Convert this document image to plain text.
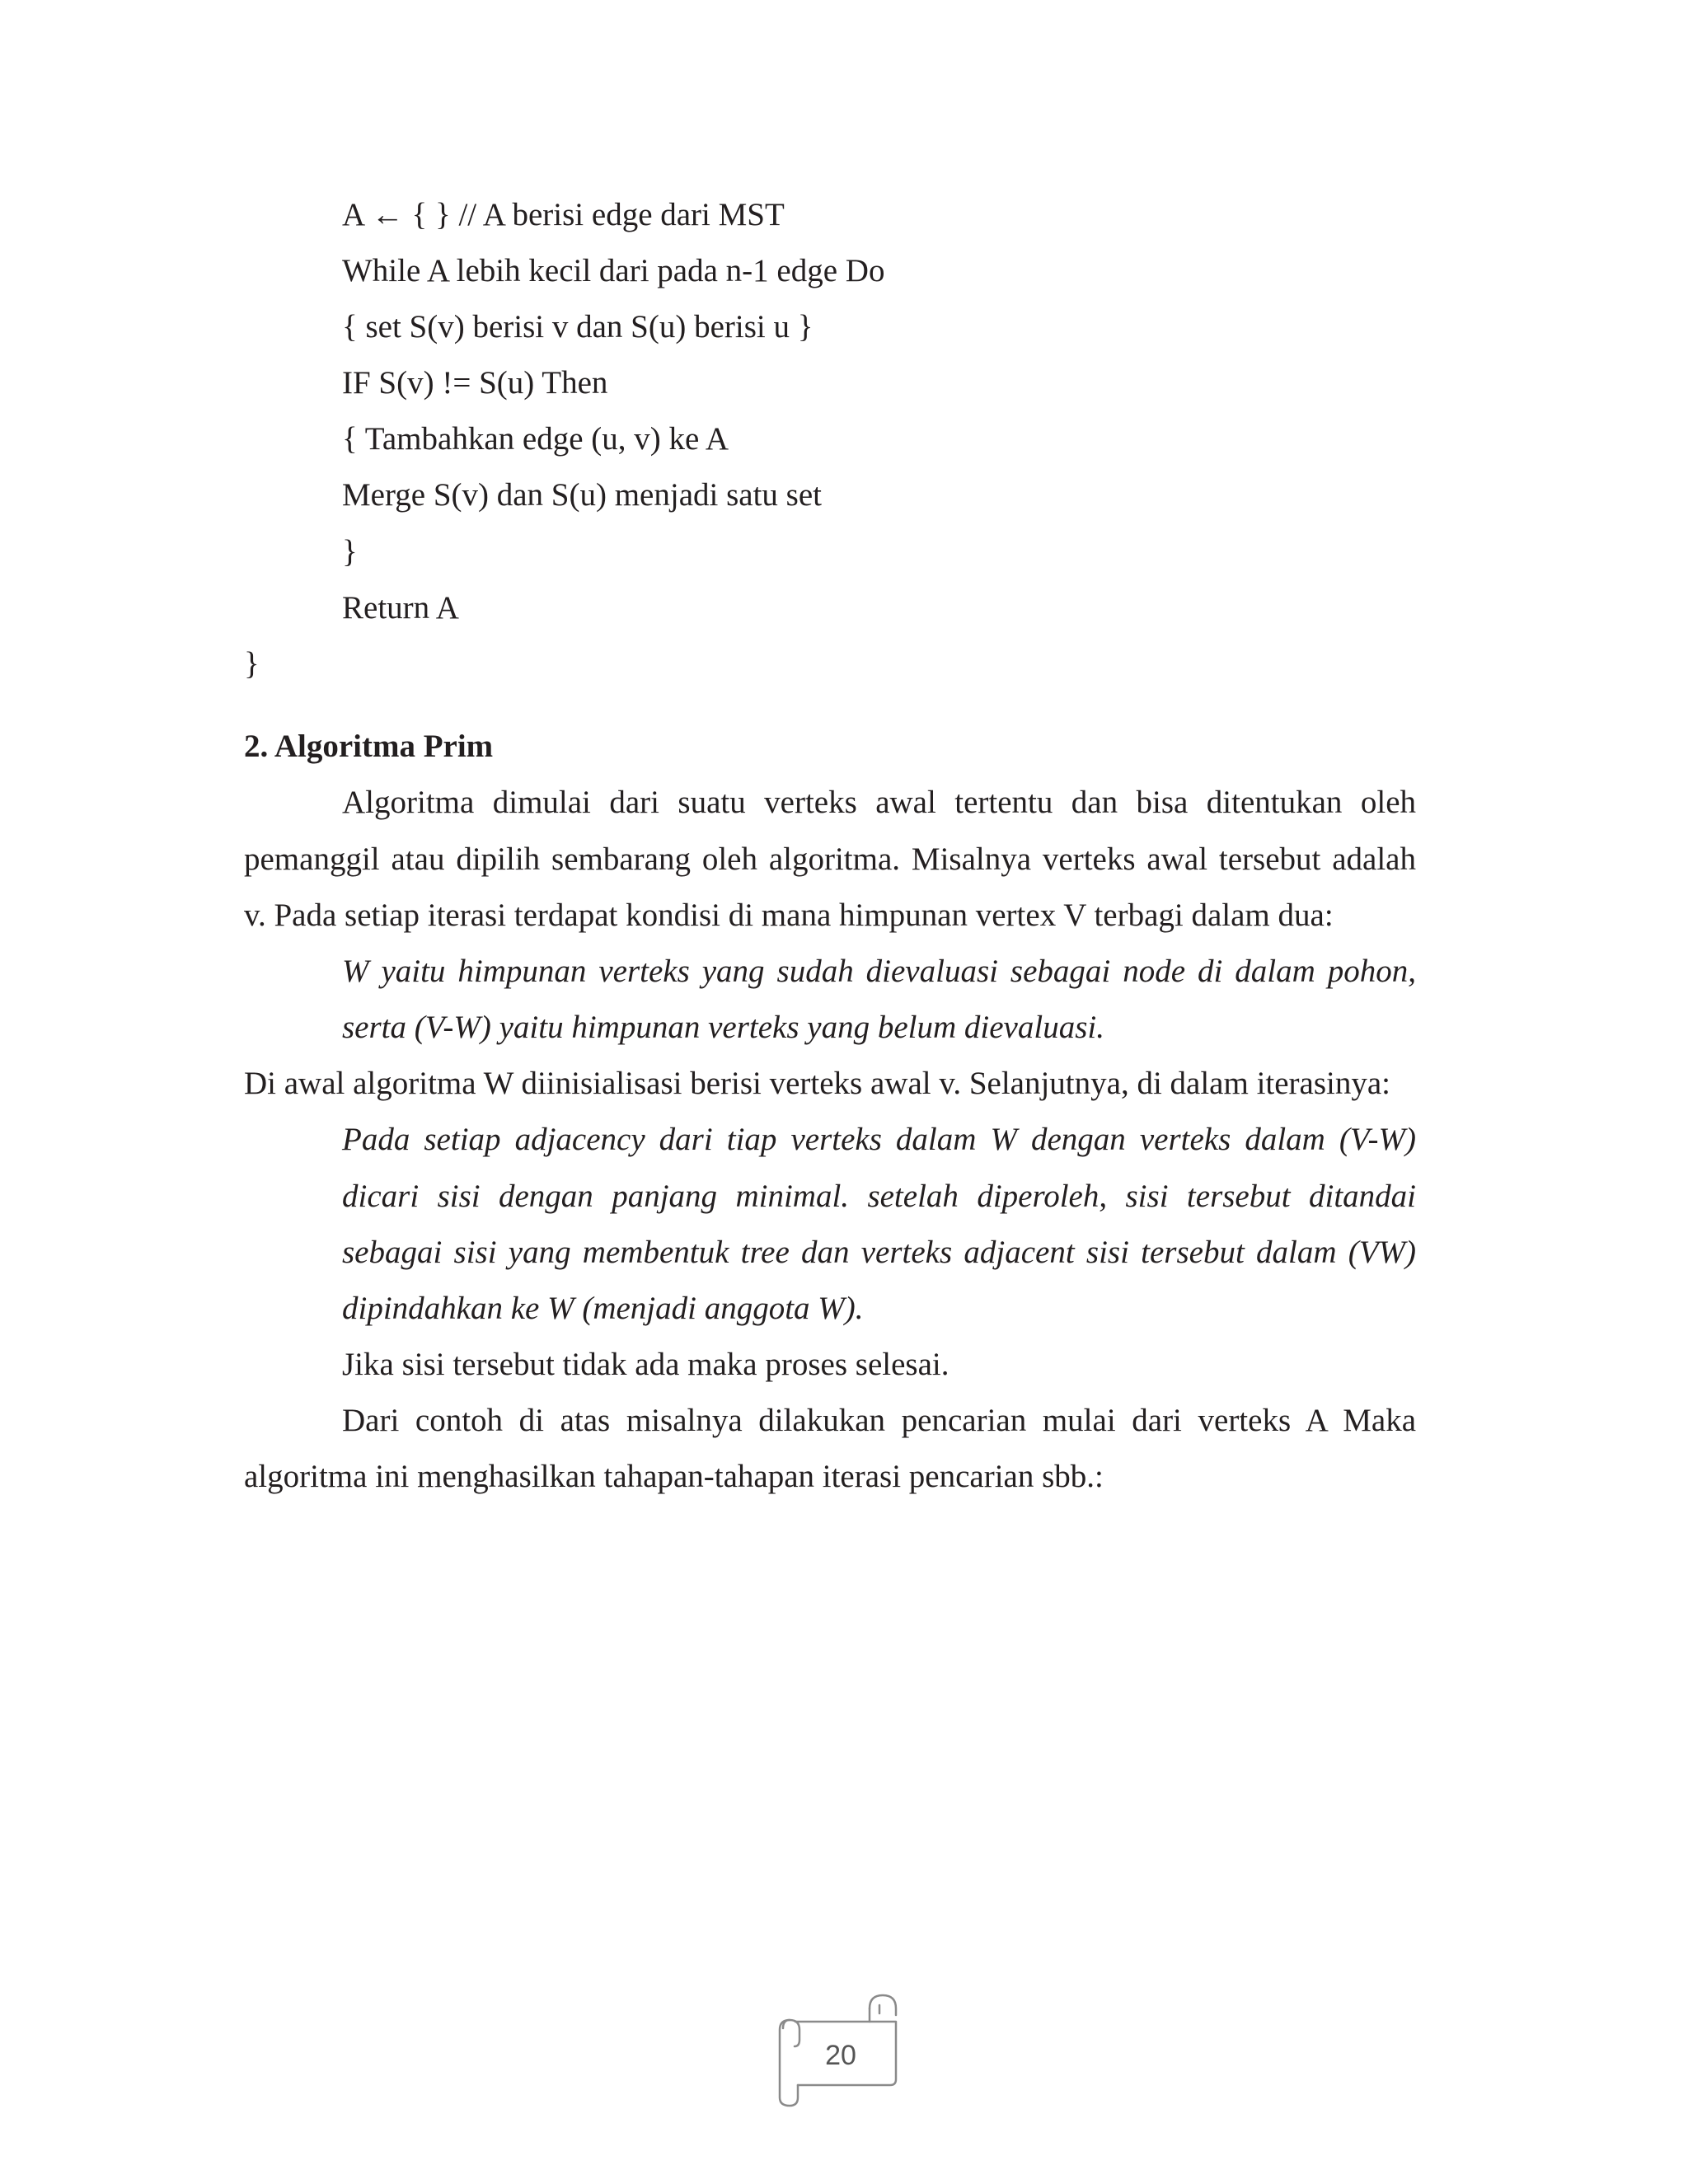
A ← { } // A berisi edge dari MST
While A lebih kecil dari pada n-1 edge Do
{ set S(v) berisi v dan S(u) berisi u }
IF S(v) != S(u) Then
{ Tambahkan edge (u, v) ke A
Merge S(v) dan S(u) menjadi satu set
}
Return A
}
2. Algoritma Prim
Algoritma dimulai dari suatu verteks awal tertentu dan bisa ditentukan oleh
pemanggil atau dipilih sembarang oleh algoritma. Misalnya verteks awal tersebut adalah
v. Pada setiap iterasi terdapat kondisi di mana himpunan vertex V terbagi dalam dua:
W yaitu himpunan verteks yang sudah dievaluasi sebagai node di dalam pohon,
serta (V-W) yaitu himpunan verteks yang belum dievaluasi.
Di awal algoritma W diinisialisasi berisi verteks awal v. Selanjutnya, di dalam iterasinya:
Pada setiap adjacency dari tiap verteks dalam W dengan verteks dalam (V-W)
dicari sisi dengan panjang minimal. setelah diperoleh, sisi tersebut ditandai
sebagai sisi yang membentuk tree dan verteks adjacent sisi tersebut dalam (VW)
dipindahkan ke W (menjadi anggota W).
Jika sisi tersebut tidak ada maka proses selesai.
Dari contoh di atas misalnya dilakukan pencarian mulai dari verteks A Maka
algoritma ini menghasilkan tahapan-tahapan iterasi pencarian sbb.:
20
